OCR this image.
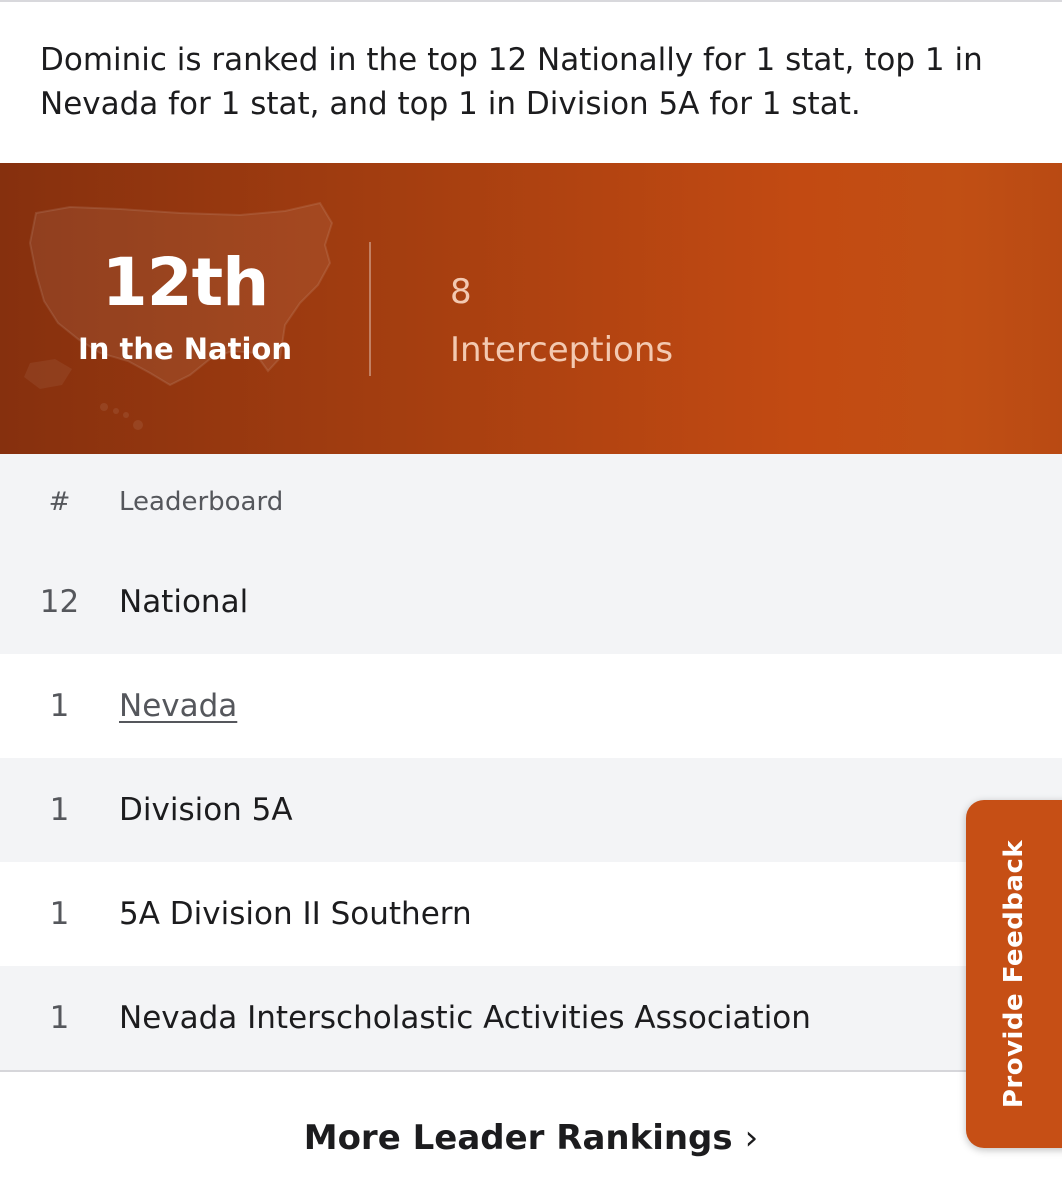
Dominic is ranked in the top 12 Nationally for 1 stat, top 1 in Nevada for 1 stat, and top 1 in Division 5A for 1 stat.

12th
In the Nation
8
Interceptions
#	Leaderboard
12	National
1	Nevada
1	Division 5A
1	5A Division II Southern
1	Nevada Interscholastic Activities Association
More Leader Rankings ›
Provide Feedback
